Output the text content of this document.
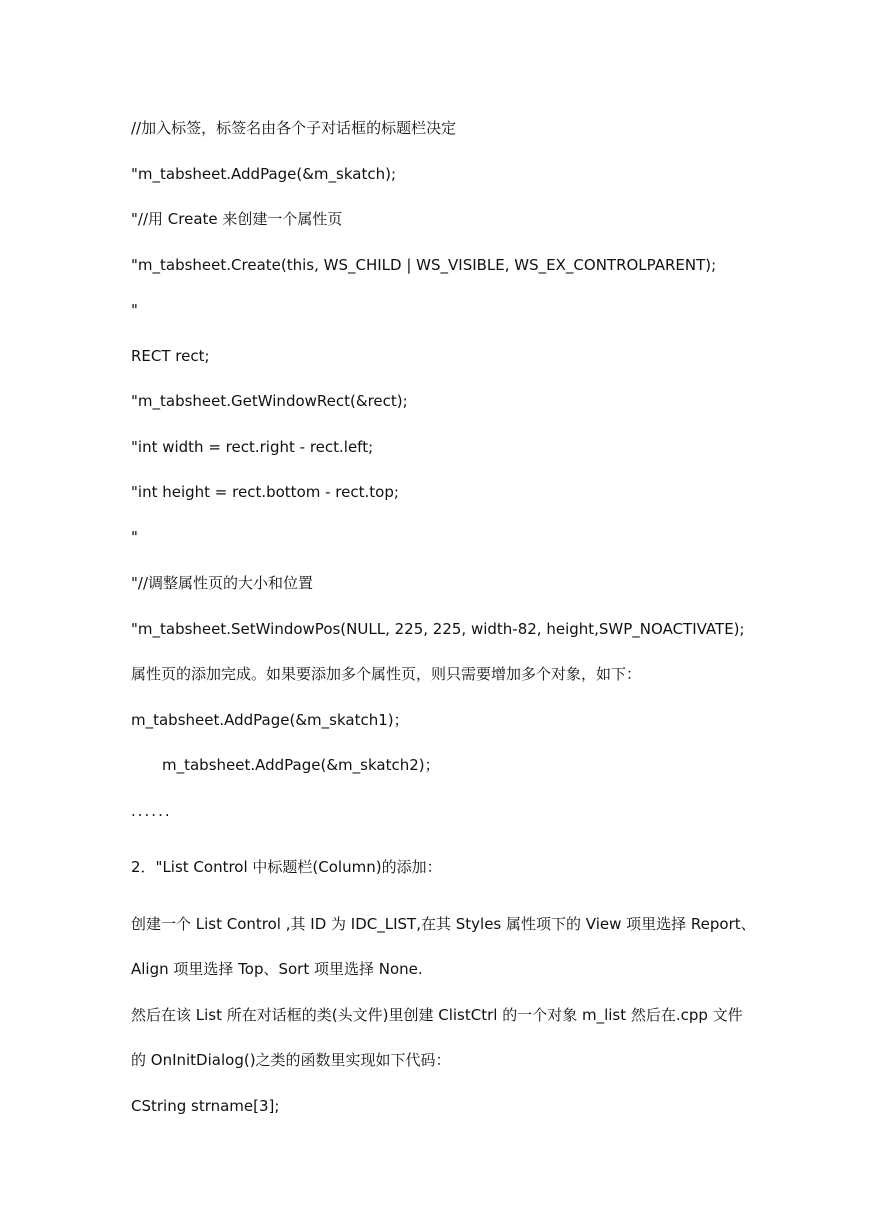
//加入标签，标签名由各个子对话框的标题栏决定
"m_tabsheet.AddPage(&m_skatch);
"//用 Create 来创建一个属性页
"m_tabsheet.Create(this, WS_CHILD | WS_VISIBLE, WS_EX_CONTROLPARENT);
"
RECT rect;
"m_tabsheet.GetWindowRect(&rect);
"int width = rect.right - rect.left;
"int height = rect.bottom - rect.top;
"
"//调整属性页的大小和位置
"m_tabsheet.SetWindowPos(NULL, 225, 225, width-82, height,SWP_NOACTIVATE);
属性页的添加完成。如果要添加多个属性页，则只需要增加多个对象，如下：
m_tabsheet.AddPage(&m_skatch1)；
m_tabsheet.AddPage(&m_skatch2)；
......
2．"List Control 中标题栏(Column)的添加：
创建一个 List Control ,其 ID 为 IDC_LIST,在其 Styles 属性项下的 View 项里选择 Report、
Align 项里选择 Top、Sort 项里选择 None.
然后在该 List 所在对话框的类(头文件)里创建 ClistCtrl 的一个对象 m_list 然后在.cpp 文件
的 OnInitDialog()之类的函数里实现如下代码：
CString strname[3];
